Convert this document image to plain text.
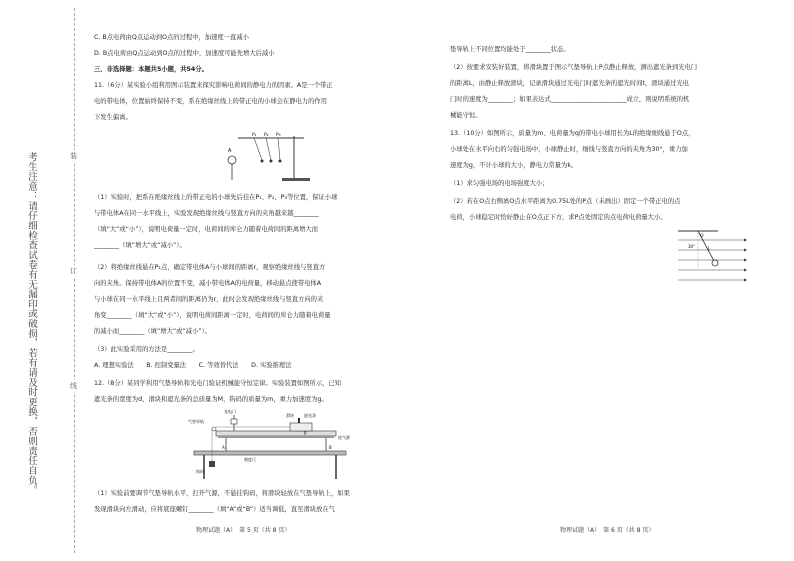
考生注意：请仔细检查试卷有无漏印或破损，若有请及时更换，否则责任自负。	装
订
线
C. B点电荷由Q点运动到O点的过程中，加速度一直减小
D. B点电荷由Q点运动到O点的过程中，加速度可能先增大后减小
三、非选择题：本题共5小题，共54分。
11.（6分）某实验小组利用图示装置来探究影响电荷间的静电力的因素。A是一个带正
电的带电体，位置始终保持不变，系在绝缘丝线上的带正电的小球会在静电力的作用
下发生偏离。
A
P₁ P₂ P₃
（1）实验时，把系在绝缘丝线上的带正电的小球先后挂在P₁、P₂、P₃等位置，保证小球
与带电体A在同一水平线上，实验发现绝缘丝线与竖直方向的夹角越来越________
（填“大”或“小”），说明电荷量一定时，电荷间的库仑力随着电荷间的距离增大而
________（填“增大”或“减小”）。
（2）将绝缘丝线悬在P₁点，确定带电体A与小球间的距离r，观察绝缘丝线与竖直方
向的夹角。保持带电体A的位置不变，减小带电体A的电荷量，移动悬点使带电体A
与小球在同一水平线上且两者间的距离仍为r，此时会发现绝缘丝线与竖直方向的夹
角变________（填“大”或“小”），说明电荷间距离一定时，电荷间的库仑力随着电荷量
的减小而________（填“增大”或“减小”）。
（3）此实验采用的方法是________。
A. 理想实验法　　B. 控制变量法　　C. 等效替代法　　D. 实验推理法
12.（8分）某同学利用气垫导轨和光电门验证机械能守恒定律。实验装置如图所示，已知
遮光条的宽度为d，滑块和遮光条的总质量为M，钩码的质量为m，重力加速度为g。
光电门
气垫导轨
滑块	遮光条
P
连气源
刻度尺
钩码
A	B
（1）实验前要调节气垫导轨水平，打开气源，不悬挂钩码，将滑块轻放在气垫导轨上，如果
发现滑块向左滑动，应将底座螺钉________（填“A”或“B”）适当调低，直至滑块放在气
物理试题（A）　第 5 页（共 8 页）
垫导轨上不同位置均能处于________状态。
（2）按要求安装好装置，将滑块置于图示气垫导轨上P点静止释放，测出遮光条到光电门
的距离L，由静止释放滑块，记录滑块通过光电门时遮光条的遮光时间t，滑块通过光电
门时的速度为________；如果表达式________________________成立，则说明系统的机
械能守恒。
13.（10分）如图所示，质量为m、电荷量为q的带电小球用长为L的绝缘细线悬于O点，
小球处在水平向右的匀强电场中，小球静止时，细线与竖直方向的夹角为30°，重力加
速度为g，不计小球的大小，静电力常量为k。
（1）求匀强电场的电场强度大小；
（2）若在O点右侧离O点水平距离为0.75L处的P点（未画出）固定一个带正电的点
电荷，小球稳定时恰好静止在O点正下方，求P点处固定的点电荷电荷量大小。
O
30°
L
物理试题（A）　第 6 页（共 8 页）
